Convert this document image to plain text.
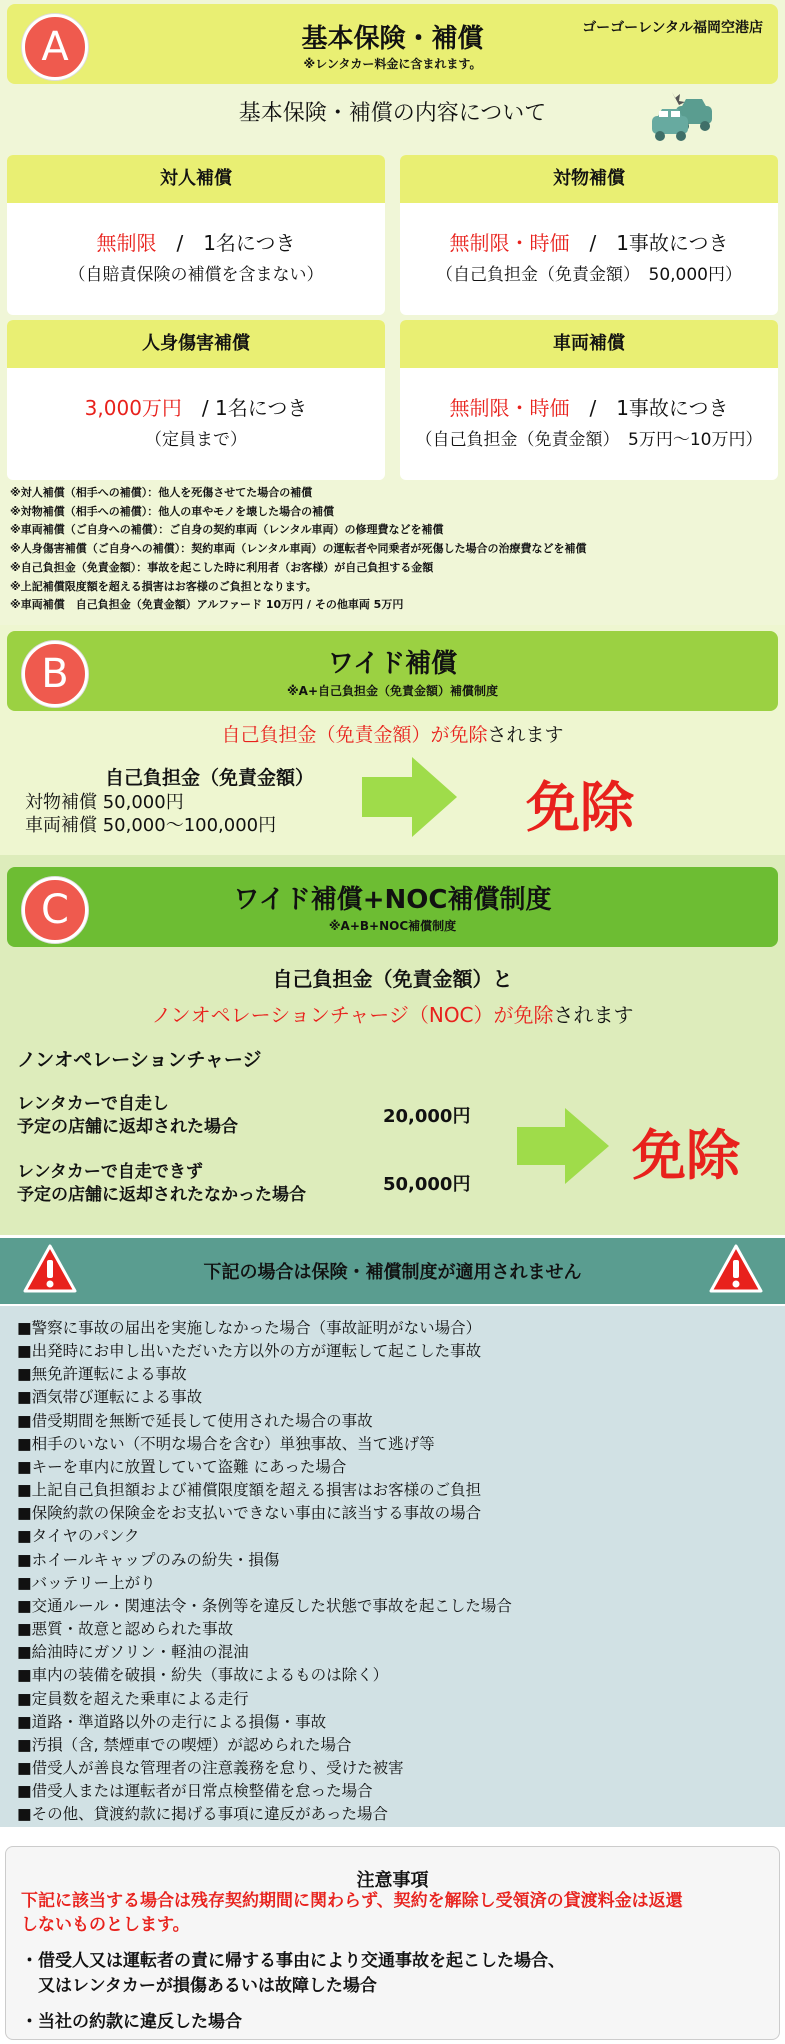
A	基本保険・補償
※レンタカー料金に含まれます。
ゴーゴーレンタル福岡空港店
基本保険・補償の内容について
対人補償
無制限　/　1名につき
（自賠責保険の補償を含まない）
対物補償
無制限・時価　/　1事故につき
（自己負担金（免責金額）　50,000円）
人身傷害補償
3,000万円　/ 1名につき
（定員まで）
車両補償
無制限・時価　/　1事故につき
（自己負担金（免責金額）　5万円〜10万円）
※対人補償（相手への補償）：他人を死傷させてた場合の補償
※対物補償（相手への補償）：他人の車やモノを壊した場合の補償
※車両補償（ご自身への補償）：ご自身の契約車両（レンタル車両）の修理費などを補償
※人身傷害補償（ご自身への補償）：契約車両（レンタル車両）の運転者や同乗者が死傷した場合の治療費などを補償
※自己負担金（免責金額）：事故を起こした時に利用者（お客様）が自己負担する金額
※上記補償限度額を超える損害はお客様のご負担となります。
※車両補償　自己負担金（免責金額）アルファード 10万円 / その他車両 5万円
B	ワイド補償
※A+自己負担金（免責金額）補償制度
自己負担金（免責金額）が免除されます
自己負担金（免責金額）
対物補償 50,000円
車両補償 50,000〜100,000円	免除
C	ワイド補償+NOC補償制度
※A+B+NOC補償制度
自己負担金（免責金額）と
ノンオペレーションチャージ（NOC）が免除されます
ノンオペレーションチャージ
レンタカーで自走し
予定の店舗に返却された場合	20,000円
レンタカーで自走できず
予定の店舗に返却されたなかった場合	50,000円	免除
下記の場合は保険・補償制度が適用されません
■警察に事故の届出を実施しなかった場合（事故証明がない場合）
■出発時にお申し出いただいた方以外の方が運転して起こした事故
■無免許運転による事故
■酒気帯び運転による事故
■借受期間を無断で延長して使用された場合の事故
■相手のいない（不明な場合を含む）単独事故、当て逃げ等
■キーを車内に放置していて盗難 にあった場合
■上記自己負担額および補償限度額を超える損害はお客様のご負担
■保険約款の保険金をお支払いできない事由に該当する事故の場合
■タイヤのパンク
■ホイールキャップのみの紛失・損傷
■バッテリー上がり
■交通ルール・関連法令・条例等を違反した状態で事故を起こした場合
■悪質・故意と認められた事故
■給油時にガソリン・軽油の混油
■車内の装備を破損・紛失（事故によるものは除く）
■定員数を超えた乗車による走行
■道路・準道路以外の走行による損傷・事故
■汚損（含, 禁煙車での喫煙）が認められた場合
■借受人が善良な管理者の注意義務を怠り、受けた被害
■借受人または運転者が日常点検整備を怠った場合
■その他、貸渡約款に掲げる事項に違反があった場合
注意事項
下記に該当する場合は残存契約期間に関わらず、契約を解除し受領済の貸渡料金は返還
しないものとします。
・借受人又は運転者の責に帰する事由により交通事故を起こした場合、
　又はレンタカーが損傷あるいは故障した場合
・当社の約款に違反した場合
